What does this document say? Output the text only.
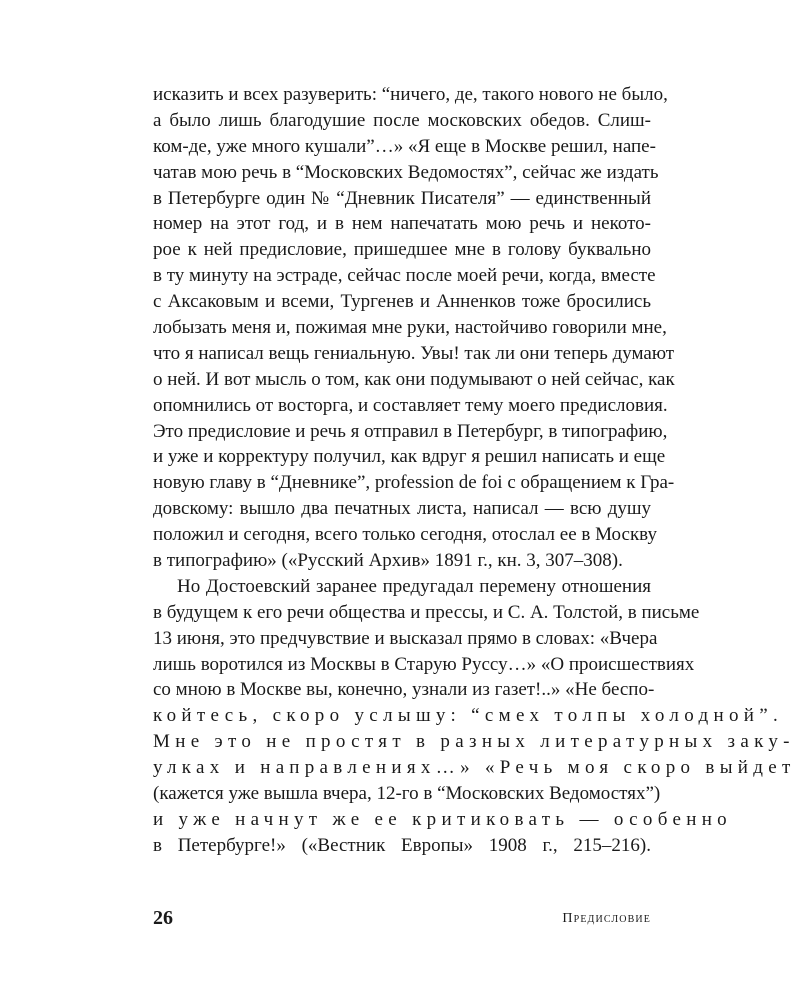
исказить и всех разуверить: “ничего, де, такого нового не было,
а было лишь благодушие после московских обедов. Слиш-
ком-де, уже много кушали”…» «Я еще в Москве решил, напе-
чатав мою речь в “Московских Ведомостях”, сейчас же издать
в Петербурге один № “Дневник Писателя” — единственный
номер на этот год, и в нем напечатать мою речь и некото-
рое к ней предисловие, пришедшее мне в голову буквально
в ту минуту на эстраде, сейчас после моей речи, когда, вместе
с Аксаковым и всеми, Тургенев и Анненков тоже бросились
лобызать меня и, пожимая мне руки, настойчиво говорили мне,
что я написал вещь гениальную. Увы! так ли они теперь думают
о ней. И вот мысль о том, как они подумывают о ней сейчас, как
опомнились от восторга, и составляет тему моего предисловия.
Это предисловие и речь я отправил в Петербург, в типографию,
и уже и корректуру получил, как вдруг я решил написать и еще
новую главу в “Дневнике”, profession de foi с обращением к Гра-
довскому: вышло два печатных листа, написал — всю душу
положил и сегодня, всего только сегодня, отослал ее в Москву
в типографию» («Русский Архив» 1891 г., кн. 3, 307–308).
Но Достоевский заранее предугадал перемену отношения
в будущем к его речи общества и прессы, и С. А. Толстой, в письме
13 июня, это предчувствие и высказал прямо в словах: «Вчера
лишь воротился из Москвы в Старую Руссу…» «О происшествиях
со мною в Москве вы, конечно, узнали из газет!..» «Не беспо-
койтесь, скоро услышу: “смех толпы холодной”.
Мне это не простят в разных литературных заку-
улках и направлениях…» «Речь моя скоро выйдет
(кажется уже вышла вчера, 12-го в “Московских Ведомостях”)
и уже начнут же ее критиковать — особенно
в Петербурге!» («Вестник Европы» 1908 г., 215–216).
26	Предисловие
